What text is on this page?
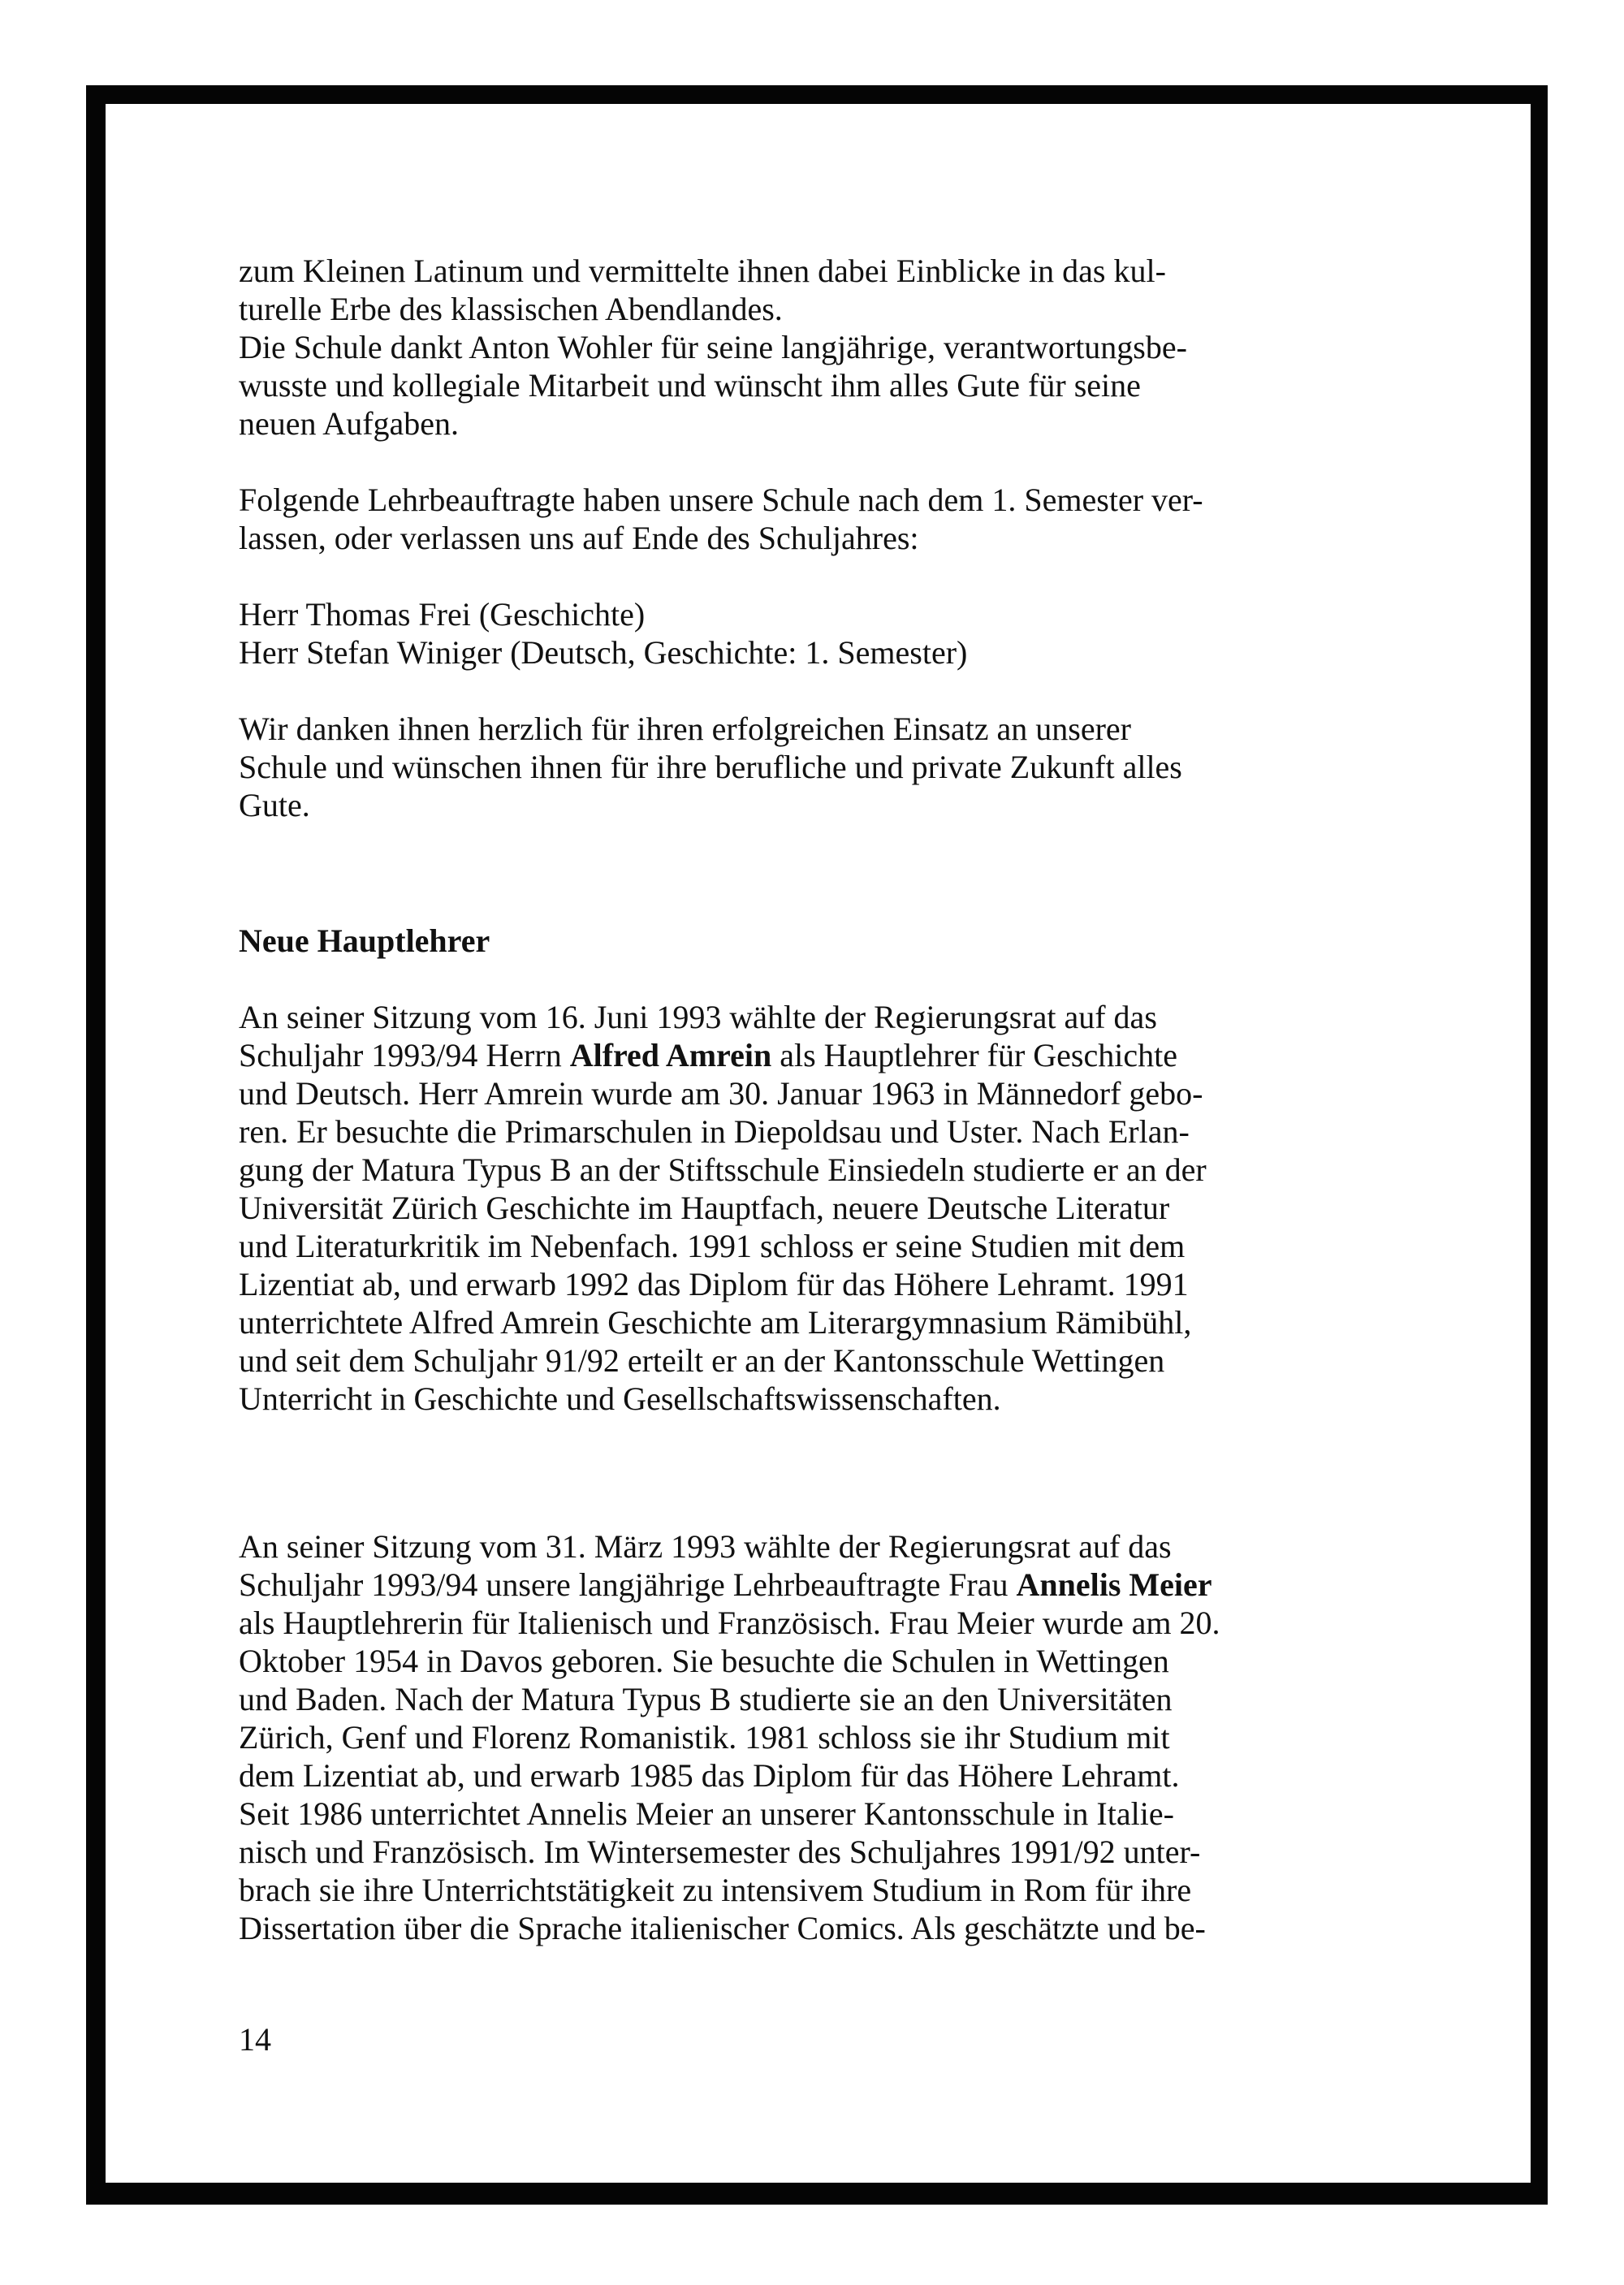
zum Kleinen Latinum und vermittelte ihnen dabei Einblicke in das kul-
turelle Erbe des klassischen Abendlandes.
Die Schule dankt Anton Wohler für seine langjährige, verantwortungsbe-
wusste und kollegiale Mitarbeit und wünscht ihm alles Gute für seine
neuen Aufgaben.
Folgende Lehrbeauftragte haben unsere Schule nach dem 1. Semester ver-
lassen, oder verlassen uns auf Ende des Schuljahres:
Herr Thomas Frei (Geschichte)
Herr Stefan Winiger (Deutsch, Geschichte: 1. Semester)
Wir danken ihnen herzlich für ihren erfolgreichen Einsatz an unserer
Schule und wünschen ihnen für ihre berufliche und private Zukunft alles
Gute.
Neue Hauptlehrer
An seiner Sitzung vom 16. Juni 1993 wählte der Regierungsrat auf das
Schuljahr 1993/94 Herrn Alfred Amrein als Hauptlehrer für Geschichte
und Deutsch. Herr Amrein wurde am 30. Januar 1963 in Männedorf gebo-
ren. Er besuchte die Primarschulen in Diepoldsau und Uster. Nach Erlan-
gung der Matura Typus B an der Stiftsschule Einsiedeln studierte er an der
Universität Zürich Geschichte im Hauptfach, neuere Deutsche Literatur
und Literaturkritik im Nebenfach. 1991 schloss er seine Studien mit dem
Lizentiat ab, und erwarb 1992 das Diplom für das Höhere Lehramt. 1991
unterrichtete Alfred Amrein Geschichte am Literargymnasium Rämibühl,
und seit dem Schuljahr 91/92 erteilt er an der Kantonsschule Wettingen
Unterricht in Geschichte und Gesellschaftswissenschaften.
An seiner Sitzung vom 31. März 1993 wählte der Regierungsrat auf das
Schuljahr 1993/94 unsere langjährige Lehrbeauftragte Frau Annelis Meier
als Hauptlehrerin für Italienisch und Französisch. Frau Meier wurde am 20.
Oktober 1954 in Davos geboren. Sie besuchte die Schulen in Wettingen
und Baden. Nach der Matura Typus B studierte sie an den Universitäten
Zürich, Genf und Florenz Romanistik. 1981 schloss sie ihr Studium mit
dem Lizentiat ab, und erwarb 1985 das Diplom für das Höhere Lehramt.
Seit 1986 unterrichtet Annelis Meier an unserer Kantonsschule in Italie-
nisch und Französisch. Im Wintersemester des Schuljahres 1991/92 unter-
brach sie ihre Unterrichtstätigkeit zu intensivem Studium in Rom für ihre
Dissertation über die Sprache italienischer Comics. Als geschätzte und be-
14
